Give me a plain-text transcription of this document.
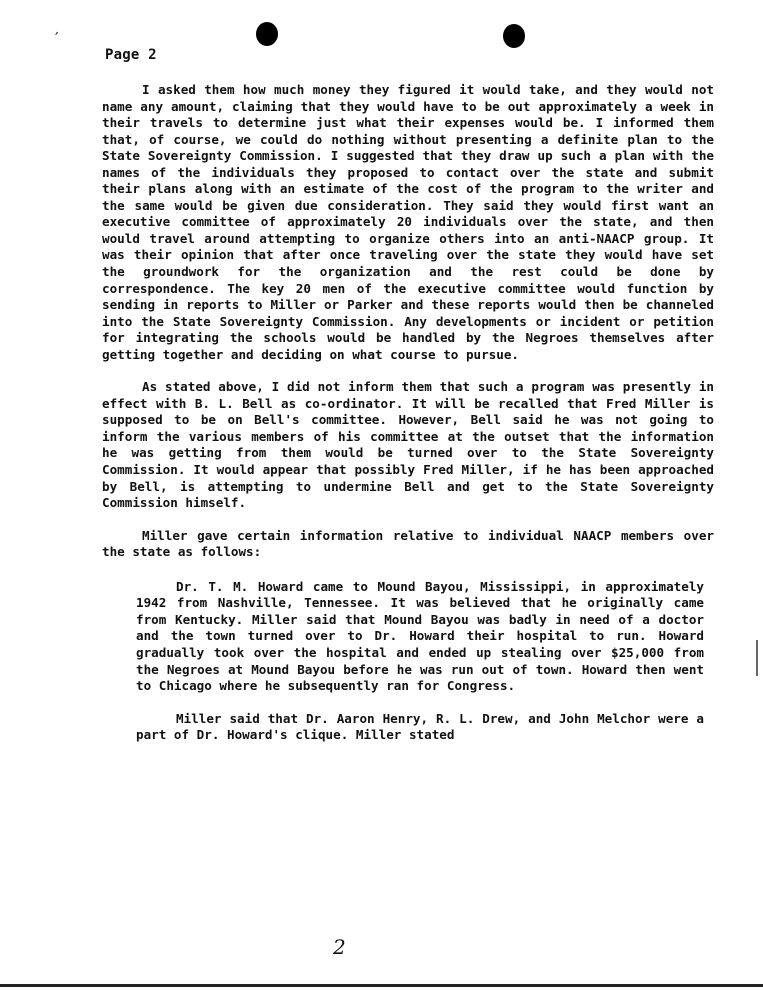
’
Page 2

I asked them how much money they figured it would take, and they would not name any amount, claiming that they would have to be out approximately a week in their travels to determine just what their expenses would be. I informed them that, of course, we could do nothing without presenting a definite plan to the State Sovereignty Commission. I suggested that they draw up such a plan with the names of the individuals they proposed to contact over the state and submit their plans along with an estimate of the cost of the program to the writer and the same would be given due consideration. They said they would first want an executive committee of approximately 20 individuals over the state, and then would travel around attempting to organize others into an anti-NAACP group. It was their opinion that after once traveling over the state they would have set the groundwork for the organization and the rest could be done by correspondence. The key 20 men of the executive committee would function by sending in reports to Miller or Parker and these reports would then be channeled into the State Sovereignty Commission. Any developments or incident or petition for integrating the schools would be handled by the Negroes themselves after getting together and deciding on what course to pursue.

As stated above, I did not inform them that such a program was presently in effect with B. L. Bell as co-ordinator. It will be recalled that Fred Miller is supposed to be on Bell's committee. However, Bell said he was not going to inform the various members of his committee at the outset that the information he was getting from them would be turned over to the State Sovereignty Commission. It would appear that possibly Fred Miller, if he has been approached by Bell, is attempting to undermine Bell and get to the State Sovereignty Commission himself.

Miller gave certain information relative to individual NAACP members over the state as follows:

Dr. T. M. Howard came to Mound Bayou, Mississippi, in approximately 1942 from Nashville, Tennessee. It was believed that he originally came from Kentucky. Miller said that Mound Bayou was badly in need of a doctor and the town turned over to Dr. Howard their hospital to run. Howard gradually took over the hospital and ended up stealing over $25,000 from the Negroes at Mound Bayou before he was run out of town. Howard then went to Chicago where he subsequently ran for Congress.

Miller said that Dr. Aaron Henry, R. L. Drew, and John Melchor were a part of Dr. Howard's clique. Miller stated

2
